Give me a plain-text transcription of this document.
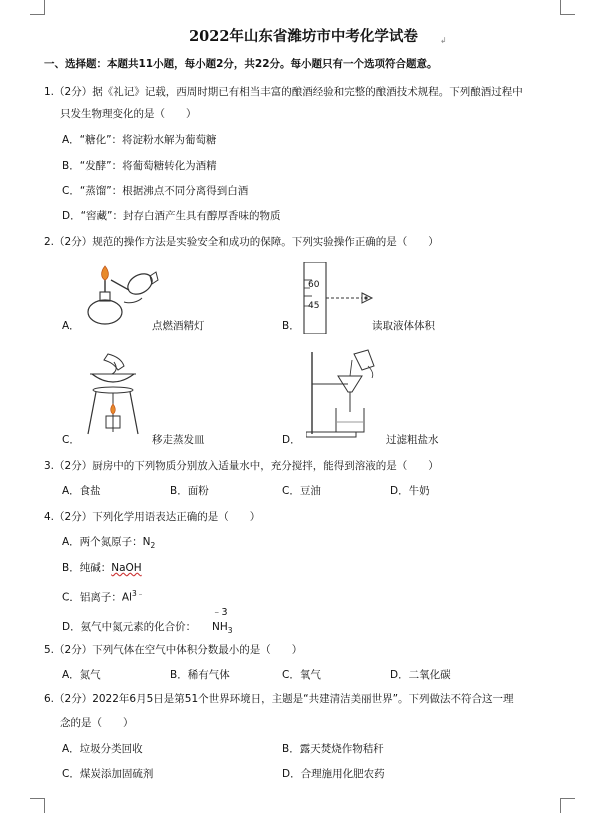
2022年山东省潍坊市中考化学试卷
一、选择题：本题共11小题，每小题2分，共22分。每小题只有一个选项符合题意。
1.（2分）据《礼记》记载，西周时期已有相当丰富的酿酒经验和完整的酿酒技术规程。下列酿酒过程中
只发生物理变化的是（　　）
A．“糖化”：将淀粉水解为葡萄糖
B．“发酵”：将葡萄糖转化为酒精
C．“蒸馏”：根据沸点不同分离得到白酒
D．“窖藏”：封存白酒产生具有醇厚香味的物质
2.（2分）规范的操作方法是实验安全和成功的保障。下列实验操作正确的是（　　）
A．	点燃酒精灯
60
45
B．	读取液体体积
C．	移走蒸发皿	D．	过滤粗盐水
3.（2分）厨房中的下列物质分别放入适量水中，充分搅拌，能得到溶液的是（　　）
A．食盐	B．面粉	C．豆油	D．牛奶
4.（2分）下列化学用语表达正确的是（　　）
A．两个氮原子：$N_2$
B．纯碱：NaOH
C．铝离子：$Al^{3﹣}$
D．氨气中氮元素的化合价：
﹣3
$NH_3$
5.（2分）下列气体在空气中体积分数最小的是（　　）
A．氮气	B．稀有气体	C．氧气	D．二氧化碳
6.（2分）2022年6月5日是第51个世界环境日，主题是“共建清洁美丽世界”。下列做法不符合这一理
念的是（　　）
A．垃圾分类回收	B．露天焚烧作物秸秆
C．煤炭添加固硫剂	D．合理施用化肥农药
↲
